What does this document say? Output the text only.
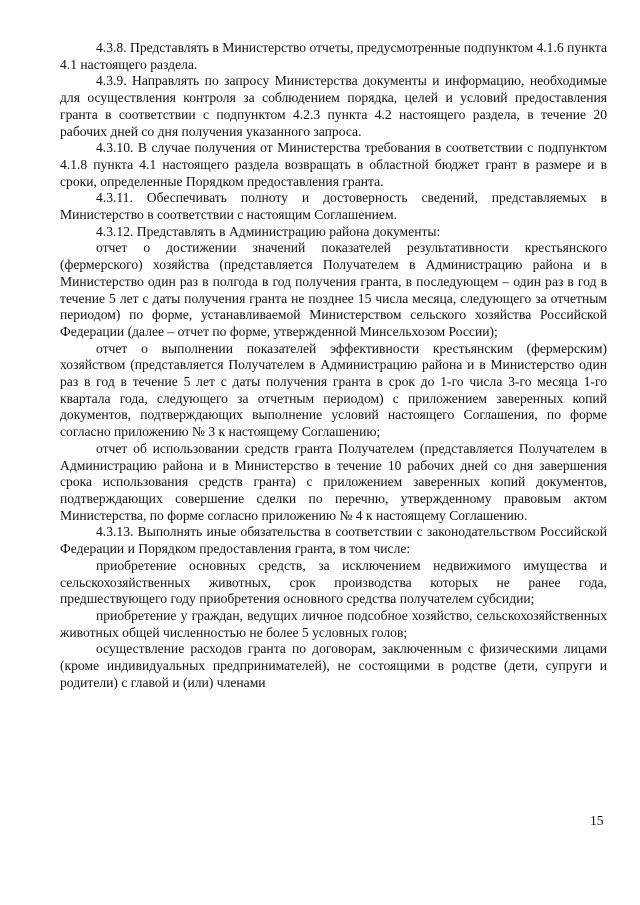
4.3.8. Представлять в Министерство отчеты, предусмотренные подпунктом 4.1.6 пункта 4.1 настоящего раздела.

4.3.9. Направлять по запросу Министерства документы и информацию, необходимые для осуществления контроля за соблюдением порядка, целей и условий предоставления гранта в соответствии с подпунктом 4.2.3 пункта 4.2 настоящего раздела, в течение 20 рабочих дней со дня получения указанного запроса.

4.3.10. В случае получения от Министерства требования в соответствии с подпунктом 4.1.8 пункта 4.1 настоящего раздела возвращать в областной бюджет грант в размере и в сроки, определенные Порядком предоставления гранта.

4.3.11. Обеспечивать полноту и достоверность сведений, представляемых в Министерство в соответствии с настоящим Соглашением.

4.3.12. Представлять в Администрацию района документы:

отчет о достижении значений показателей результативности крестьянского (фермерского) хозяйства (представляется Получателем в Администрацию района и в Министерство один раз в полгода в год получения гранта, в последующем – один раз в год в течение 5 лет с даты получения гранта не позднее 15 числа месяца, следующего за отчетным периодом) по форме, устанавливаемой Министерством сельского хозяйства Российской Федерации (далее – отчет по форме, утвержденной Минсельхозом России);

отчет о выполнении показателей эффективности крестьянским (фермерским) хозяйством (представляется Получателем в Администрацию района и в Министерство один раз в год в течение 5 лет с даты получения гранта в срок до 1-го числа 3-го месяца 1-го квартала года, следующего за отчетным периодом) с приложением заверенных копий документов, подтверждающих выполнение условий настоящего Соглашения, по форме согласно приложению № 3 к настоящему Соглашению;

отчет об использовании средств гранта Получателем (представляется Получателем в Администрацию района и в Министерство в течение 10 рабочих дней со дня завершения срока использования средств гранта) с приложением заверенных копий документов, подтверждающих совершение сделки по перечню, утвержденному правовым актом Министерства, по форме согласно приложению № 4 к настоящему Соглашению.

4.3.13. Выполнять иные обязательства в соответствии с законодательством Российской Федерации и Порядком предоставления гранта, в том числе:

приобретение основных средств, за исключением недвижимого имущества и сельскохозяйственных животных, срок производства которых не ранее года, предшествующего году приобретения основного средства получателем субсидии;

приобретение у граждан, ведущих личное подсобное хозяйство, сельскохозяйственных животных общей численностью не более 5 условных голов;

осуществление расходов гранта по договорам, заключенным с физическими лицами (кроме индивидуальных предпринимателей), не состоящими в родстве (дети, супруги и родители) с главой и (или) членами

15
